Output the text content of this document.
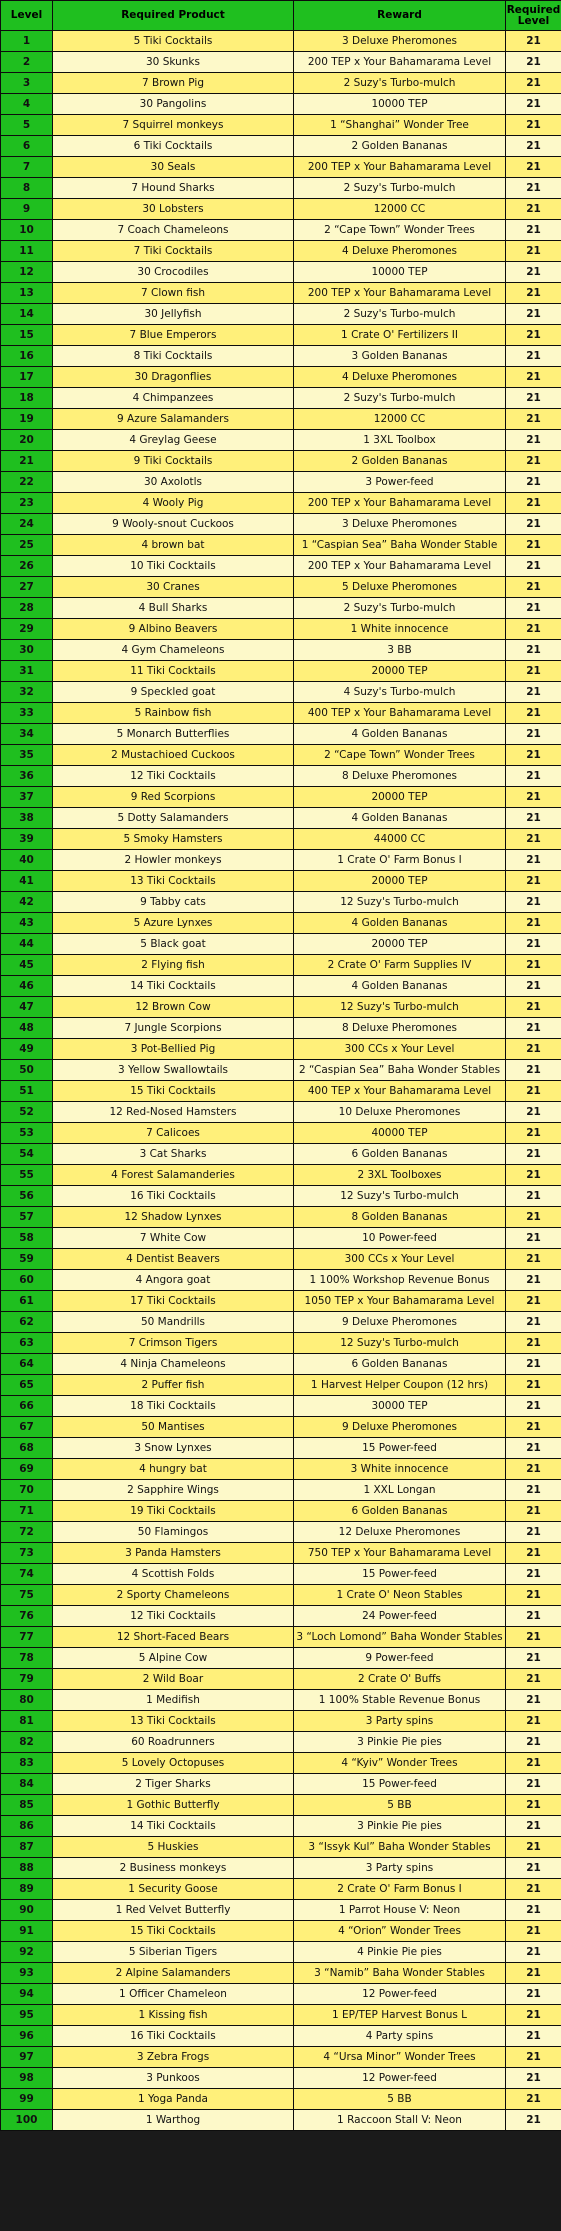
Level	Required Product	Reward	Required Level
1	5 Tiki Cocktails	3 Deluxe Pheromones	21
2	30 Skunks	200 TEP x Your Bahamarama Level	21
3	7 Brown Pig	2 Suzy's Turbo-mulch	21
4	30 Pangolins	10000 TEP	21
5	7 Squirrel monkeys	1 “Shanghai” Wonder Tree	21
6	6 Tiki Cocktails	2 Golden Bananas	21
7	30 Seals	200 TEP x Your Bahamarama Level	21
8	7 Hound Sharks	2 Suzy's Turbo-mulch	21
9	30 Lobsters	12000 CC	21
10	7 Coach Chameleons	2 “Cape Town” Wonder Trees	21
11	7 Tiki Cocktails	4 Deluxe Pheromones	21
12	30 Crocodiles	10000 TEP	21
13	7 Clown fish	200 TEP x Your Bahamarama Level	21
14	30 Jellyfish	2 Suzy's Turbo-mulch	21
15	7 Blue Emperors	1 Crate O' Fertilizers II	21
16	8 Tiki Cocktails	3 Golden Bananas	21
17	30 Dragonflies	4 Deluxe Pheromones	21
18	4 Chimpanzees	2 Suzy's Turbo-mulch	21
19	9 Azure Salamanders	12000 CC	21
20	4 Greylag Geese	1 3XL Toolbox	21
21	9 Tiki Cocktails	2 Golden Bananas	21
22	30 Axolotls	3 Power-feed	21
23	4 Wooly Pig	200 TEP x Your Bahamarama Level	21
24	9 Wooly-snout Cuckoos	3 Deluxe Pheromones	21
25	4 brown bat	1 “Caspian Sea” Baha Wonder Stable	21
26	10 Tiki Cocktails	200 TEP x Your Bahamarama Level	21
27	30 Cranes	5 Deluxe Pheromones	21
28	4 Bull Sharks	2 Suzy's Turbo-mulch	21
29	9 Albino Beavers	1 White innocence	21
30	4 Gym Chameleons	3 BB	21
31	11 Tiki Cocktails	20000 TEP	21
32	9 Speckled goat	4 Suzy's Turbo-mulch	21
33	5 Rainbow fish	400 TEP x Your Bahamarama Level	21
34	5 Monarch Butterflies	4 Golden Bananas	21
35	2 Mustachioed Cuckoos	2 “Cape Town” Wonder Trees	21
36	12 Tiki Cocktails	8 Deluxe Pheromones	21
37	9 Red Scorpions	20000 TEP	21
38	5 Dotty Salamanders	4 Golden Bananas	21
39	5 Smoky Hamsters	44000 CC	21
40	2 Howler monkeys	1 Crate O' Farm Bonus I	21
41	13 Tiki Cocktails	20000 TEP	21
42	9 Tabby cats	12 Suzy's Turbo-mulch	21
43	5 Azure Lynxes	4 Golden Bananas	21
44	5 Black goat	20000 TEP	21
45	2 Flying fish	2 Crate O' Farm Supplies IV	21
46	14 Tiki Cocktails	4 Golden Bananas	21
47	12 Brown Cow	12 Suzy's Turbo-mulch	21
48	7 Jungle Scorpions	8 Deluxe Pheromones	21
49	3 Pot-Bellied Pig	300 CCs x Your Level	21
50	3 Yellow Swallowtails	2 “Caspian Sea” Baha Wonder Stables	21
51	15 Tiki Cocktails	400 TEP x Your Bahamarama Level	21
52	12 Red-Nosed Hamsters	10 Deluxe Pheromones	21
53	7 Calicoes	40000 TEP	21
54	3 Cat Sharks	6 Golden Bananas	21
55	4 Forest Salamanderies	2 3XL Toolboxes	21
56	16 Tiki Cocktails	12 Suzy's Turbo-mulch	21
57	12 Shadow Lynxes	8 Golden Bananas	21
58	7 White Cow	10 Power-feed	21
59	4 Dentist Beavers	300 CCs x Your Level	21
60	4 Angora goat	1 100% Workshop Revenue Bonus	21
61	17 Tiki Cocktails	1050 TEP x Your Bahamarama Level	21
62	50 Mandrills	9 Deluxe Pheromones	21
63	7 Crimson Tigers	12 Suzy's Turbo-mulch	21
64	4 Ninja Chameleons	6 Golden Bananas	21
65	2 Puffer fish	1 Harvest Helper Coupon (12 hrs)	21
66	18 Tiki Cocktails	30000 TEP	21
67	50 Mantises	9 Deluxe Pheromones	21
68	3 Snow Lynxes	15 Power-feed	21
69	4 hungry bat	3 White innocence	21
70	2 Sapphire Wings	1 XXL Longan	21
71	19 Tiki Cocktails	6 Golden Bananas	21
72	50 Flamingos	12 Deluxe Pheromones	21
73	3 Panda Hamsters	750 TEP x Your Bahamarama Level	21
74	4 Scottish Folds	15 Power-feed	21
75	2 Sporty Chameleons	1 Crate O' Neon Stables	21
76	12 Tiki Cocktails	24 Power-feed	21
77	12 Short-Faced Bears	3 “Loch Lomond” Baha Wonder Stables	21
78	5 Alpine Cow	9 Power-feed	21
79	2 Wild Boar	2 Crate O' Buffs	21
80	1 Medifish	1 100% Stable Revenue Bonus	21
81	13 Tiki Cocktails	3 Party spins	21
82	60 Roadrunners	3 Pinkie Pie pies	21
83	5 Lovely Octopuses	4 “Kyiv” Wonder Trees	21
84	2 Tiger Sharks	15 Power-feed	21
85	1 Gothic Butterfly	5 BB	21
86	14 Tiki Cocktails	3 Pinkie Pie pies	21
87	5 Huskies	3 “Issyk Kul” Baha Wonder Stables	21
88	2 Business monkeys	3 Party spins	21
89	1 Security Goose	2 Crate O' Farm Bonus I	21
90	1 Red Velvet Butterfly	1 Parrot House V: Neon	21
91	15 Tiki Cocktails	4 “Orion” Wonder Trees	21
92	5 Siberian Tigers	4 Pinkie Pie pies	21
93	2 Alpine Salamanders	3 “Namib” Baha Wonder Stables	21
94	1 Officer Chameleon	12 Power-feed	21
95	1 Kissing fish	1 EP/TEP Harvest Bonus L	21
96	16 Tiki Cocktails	4 Party spins	21
97	3 Zebra Frogs	4 “Ursa Minor” Wonder Trees	21
98	3 Punkoos	12 Power-feed	21
99	1 Yoga Panda	5 BB	21
100	1 Warthog	1 Raccoon Stall V: Neon	21
